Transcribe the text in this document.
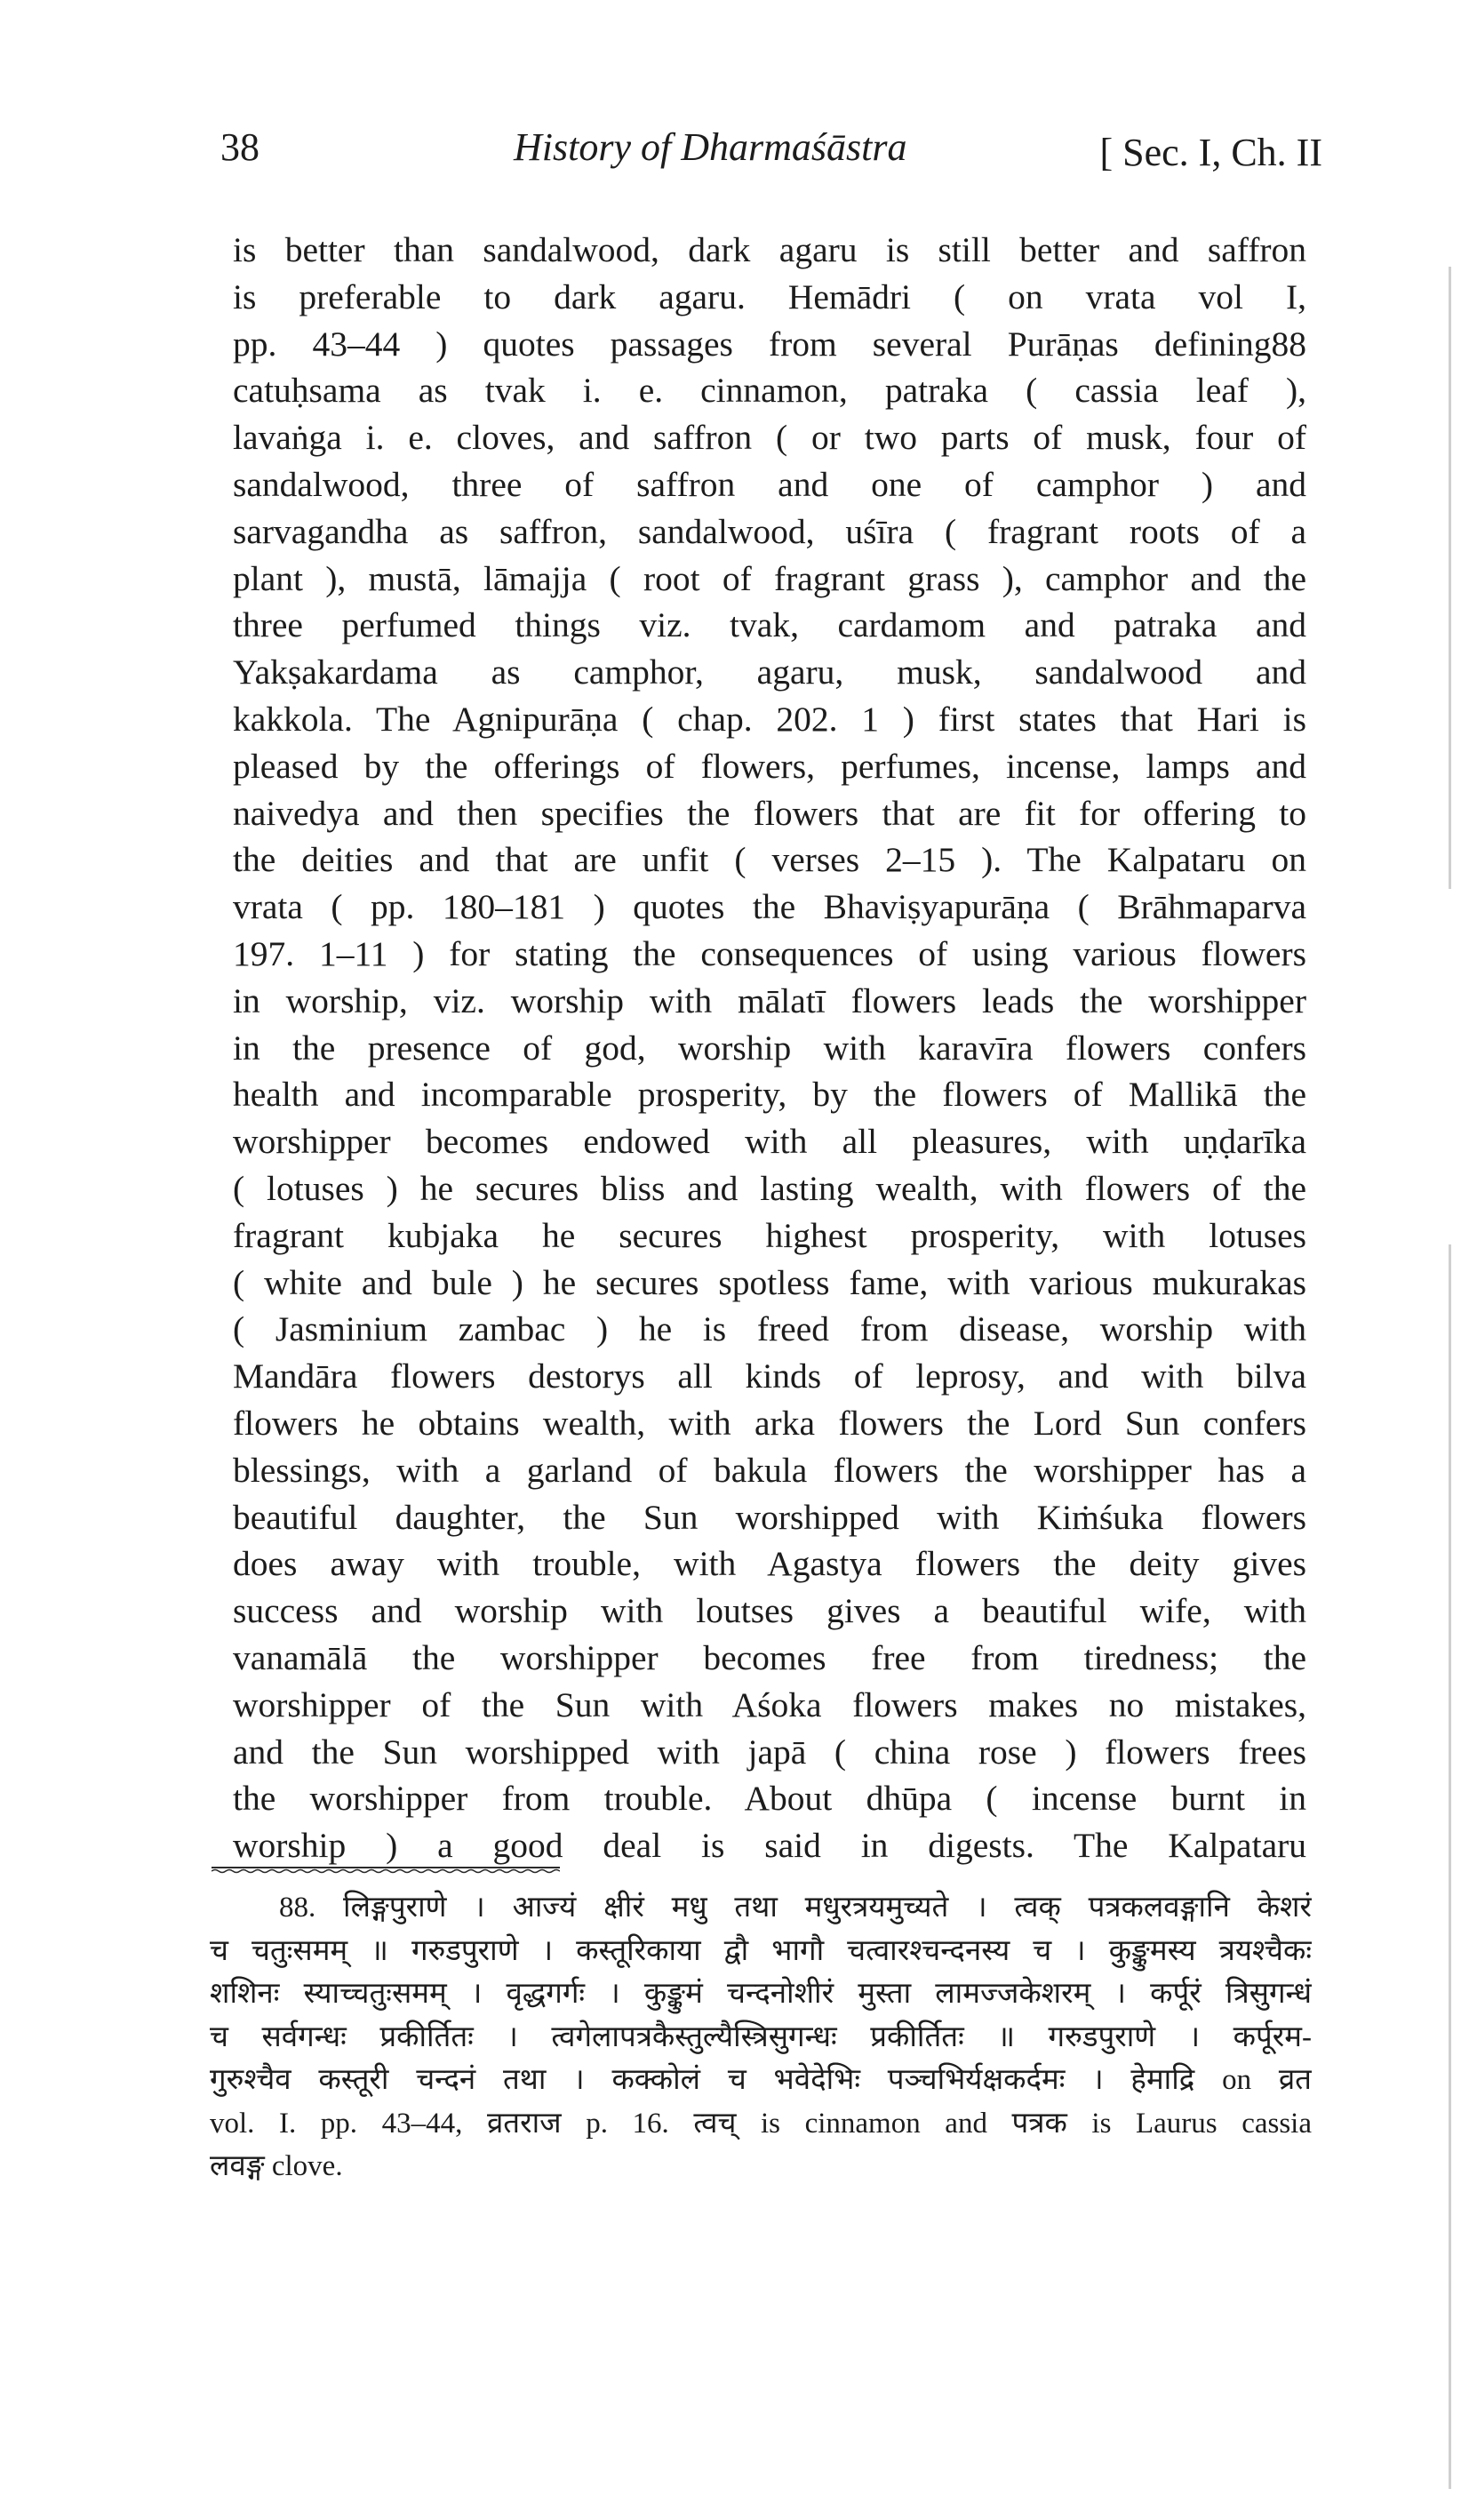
38	History of Dharmaśāstra	[ Sec. I, Ch. II
is better than sandalwood, dark agaru is still better and saffron
is preferable to dark agaru. Hemādri ( on vrata vol I,
pp. 43–44 ) quotes passages from several Purāṇas defining88
catuḥsama as tvak i. e. cinnamon, patraka ( cassia leaf ),
lavaṅga i. e. cloves, and saffron ( or two parts of musk, four of
sandalwood, three of saffron and one of camphor ) and
sarvagandha as saffron, sandalwood, uśīra ( fragrant roots of a
plant ), mustā, lāmajja ( root of fragrant grass ), camphor and the
three perfumed things viz. tvak, cardamom and patraka and
Yakṣakardama as camphor, agaru, musk, sandalwood and
kakkola. The Agnipurāṇa ( chap. 202. 1 ) first states that Hari is
pleased by the offerings of flowers, perfumes, incense, lamps and
naivedya and then specifies the flowers that are fit for offering to
the deities and that are unfit ( verses 2–15 ). The Kalpataru on
vrata ( pp. 180–181 ) quotes the Bhaviṣyapurāṇa ( Brāhmaparva
197. 1–11 ) for stating the consequences of using various flowers
in worship, viz. worship with mālatī flowers leads the worshipper
in the presence of god, worship with karavīra flowers confers
health and incomparable prosperity, by the flowers of Mallikā the
worshipper becomes endowed with all pleasures, with uṇḍarīka
( lotuses ) he secures bliss and lasting wealth, with flowers of the
fragrant kubjaka he secures highest prosperity, with lotuses
( white and bule ) he secures spotless fame, with various mukurakas
( Jasminium zambac ) he is freed from disease, worship with
Mandāra flowers destorys all kinds of leprosy, and with bilva
flowers he obtains wealth, with arka flowers the Lord Sun confers
blessings, with a garland of bakula flowers the worshipper has a
beautiful daughter, the Sun worshipped with Kiṁśuka flowers
does away with trouble, with Agastya flowers the deity gives
success and worship with loutses gives a beautiful wife, with
vanamālā the worshipper becomes free from tiredness; the
worshipper of the Sun with Aśoka flowers makes no mistakes,
and the Sun worshipped with japā ( china rose ) flowers frees
the worshipper from trouble. About dhūpa ( incense burnt in
worship ) a good deal is said in digests. The Kalpataru
88. लिङ्गपुराणे । आज्यं क्षीरं मधु तथा मधुरत्रयमुच्यते । त्वक् पत्रकलवङ्गानि केशरं
च चतुःसमम् ॥ गरुडपुराणे । कस्तूरिकाया द्वौ भागौ चत्वारश्चन्दनस्य च । कुङ्कुमस्य त्रयश्चैकः
शशिनः स्याच्चतुःसमम् । वृद्धगर्गः । कुङ्कुमं चन्दनोशीरं मुस्ता लामज्जकेशरम् । कर्पूरं त्रिसुगन्धं
च सर्वगन्धः प्रकीर्तितः । त्वगेलापत्रकैस्तुल्यैस्त्रिसुगन्धः प्रकीर्तितः ॥ गरुडपुराणे । कर्पूरम-
गुरुश्चैव कस्तूरी चन्दनं तथा । कक्कोलं च भवेदेभिः पञ्चभिर्यक्षकर्दमः । हेमाद्रि on व्रत
vol. I. pp. 43–44, व्रतराज p. 16. त्वच् is cinnamon and पत्रक is Laurus cassia
लवङ्ग clove.
